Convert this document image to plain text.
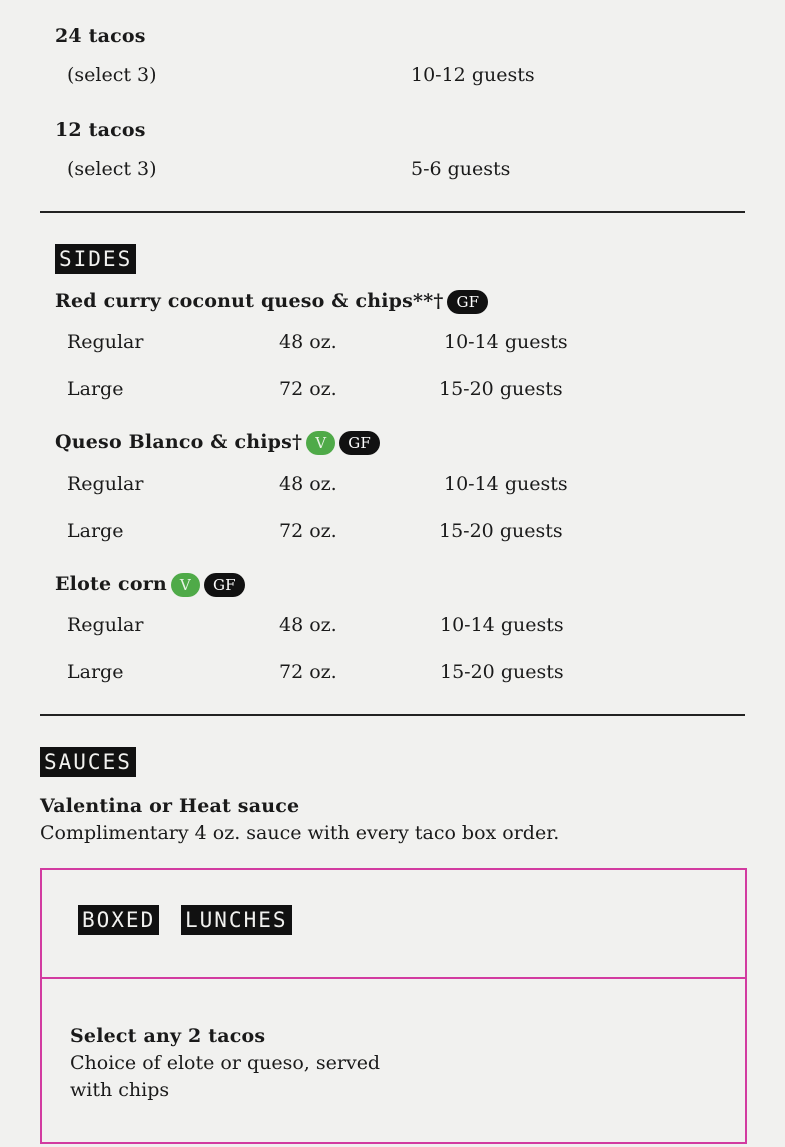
24 tacos
(select 3)	10-12 guests
12 tacos
(select 3)	5-6 guests
SIDES
Red curry coconut queso & chips**† GF
Regular	48 oz.	10-14 guests
Large	72 oz.	15-20 guests
Queso Blanco & chips† V GF
Regular	48 oz.	10-14 guests
Large	72 oz.	15-20 guests
Elote corn V GF
Regular	48 oz.	10-14 guests
Large	72 oz.	15-20 guests
SAUCES
Valentina or Heat sauce
Complimentary 4 oz. sauce with every taco box order.
BOXED LUNCHES
Select any 2 tacos
Choice of elote or queso, served
with chips
